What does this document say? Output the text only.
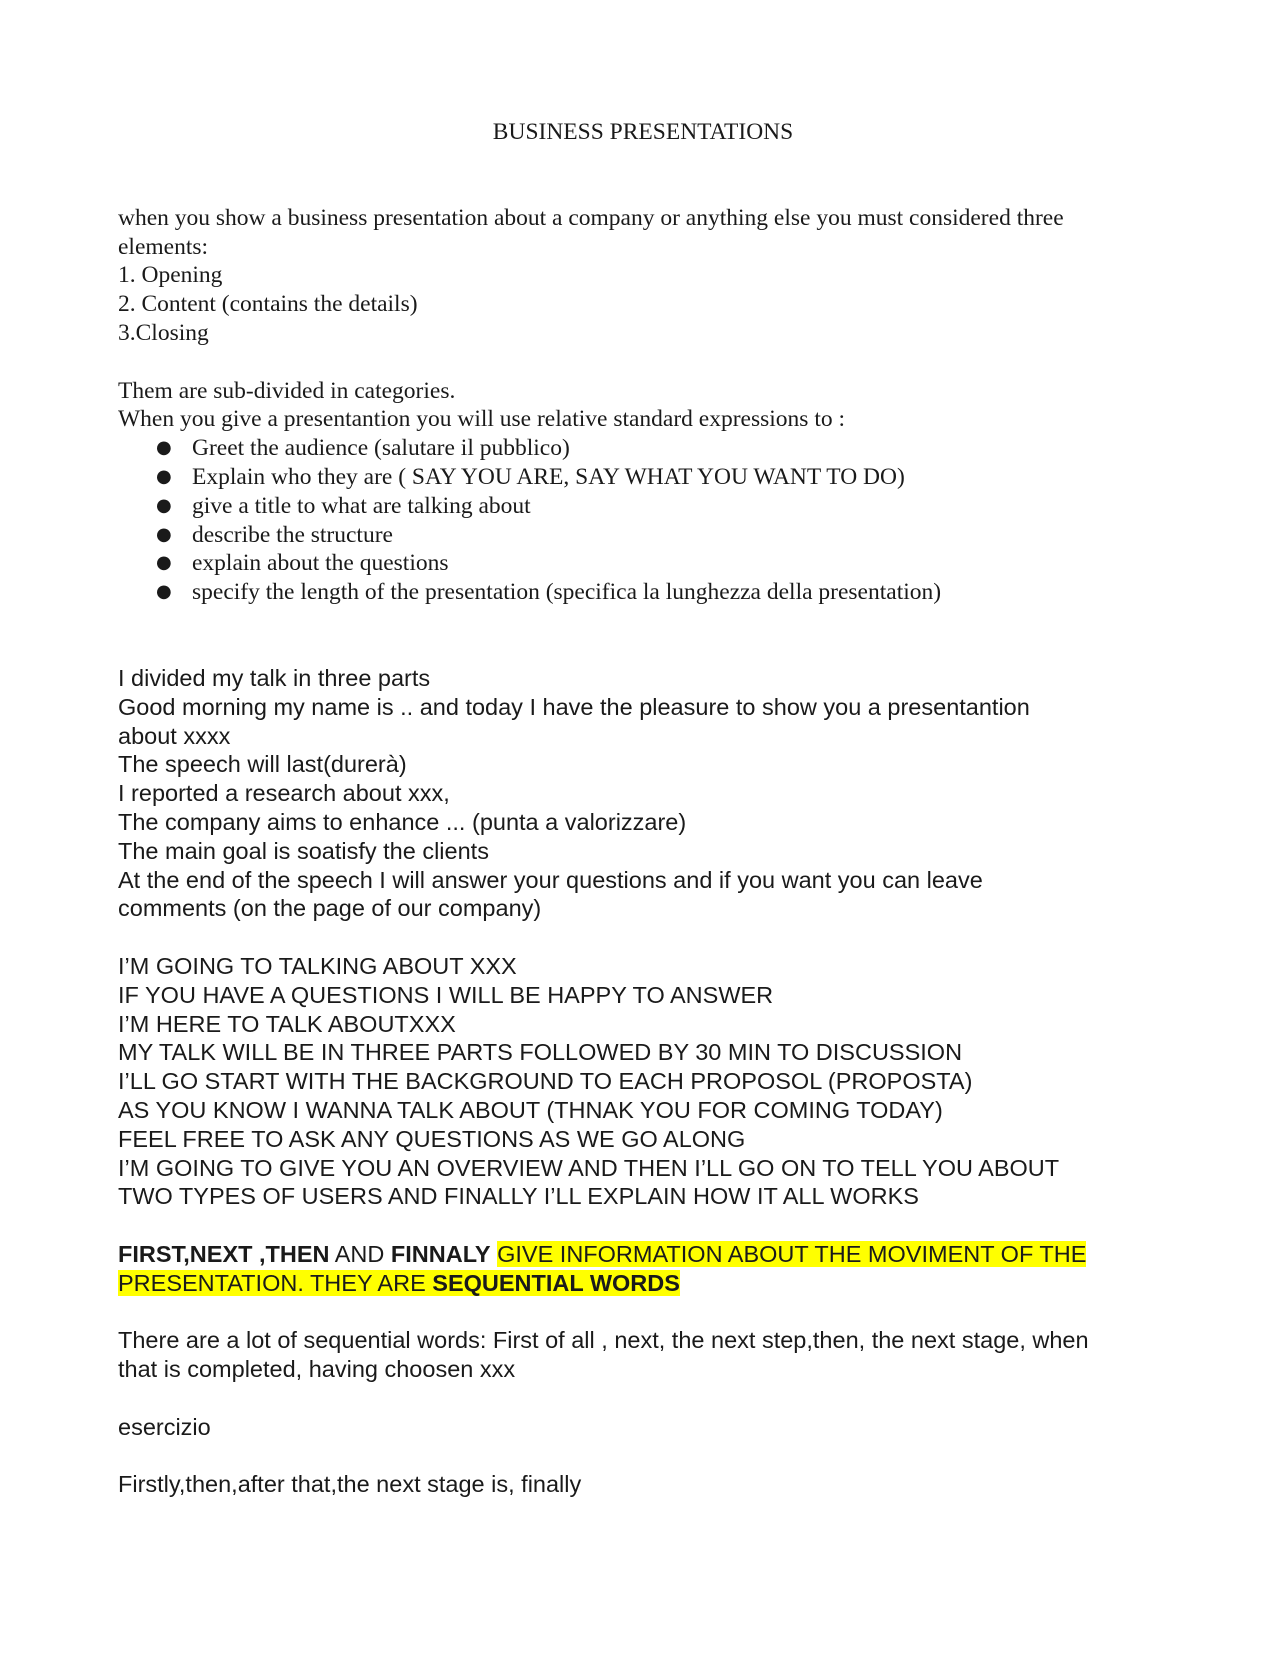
BUSINESS PRESENTATIONS
when you show a business presentation about a company or anything else you must considered three
elements:
1. Opening
2. Content (contains the details)
3.Closing
Them are sub-divided in categories.
When you give a presentantion you will use relative standard expressions to :
● Greet the audience (salutare il pubblico)
● Explain who they are ( SAY YOU ARE, SAY WHAT YOU WANT TO DO)
● give a title to what are talking about
● describe the structure
● explain about the questions
● specify the length of the presentation (specifica la lunghezza della presentation)
I divided my talk in three parts
Good morning my name is .. and today I have the pleasure to show you a presentantion
about xxxx
The speech will last(durerà)
I reported a research about xxx,
The company aims to enhance ... (punta a valorizzare)
The main goal is soatisfy the clients
At the end of the speech I will answer your questions and if you want you can leave
comments (on the page of our company)
I’M GOING TO TALKING ABOUT XXX
IF YOU HAVE A QUESTIONS I WILL BE HAPPY TO ANSWER
I’M HERE TO TALK ABOUTXXX
MY TALK WILL BE IN THREE PARTS FOLLOWED BY 30 MIN TO DISCUSSION
I’LL GO START WITH THE BACKGROUND TO EACH PROPOSOL (PROPOSTA)
AS YOU KNOW I WANNA TALK ABOUT (THNAK YOU FOR COMING TODAY)
FEEL FREE TO ASK ANY QUESTIONS AS WE GO ALONG
I’M GOING TO GIVE YOU AN OVERVIEW AND THEN I’LL GO ON TO TELL YOU ABOUT
TWO TYPES OF USERS AND FINALLY I’LL EXPLAIN HOW IT ALL WORKS
FIRST,NEXT ,THEN AND FINNALY GIVE INFORMATION ABOUT THE MOVIMENT OF THE
PRESENTATION. THEY ARE SEQUENTIAL WORDS
There are a lot of sequential words: First of all , next, the next step,then, the next stage, when
that is completed, having choosen xxx
esercizio
Firstly,then,after that,the next stage is, finally
